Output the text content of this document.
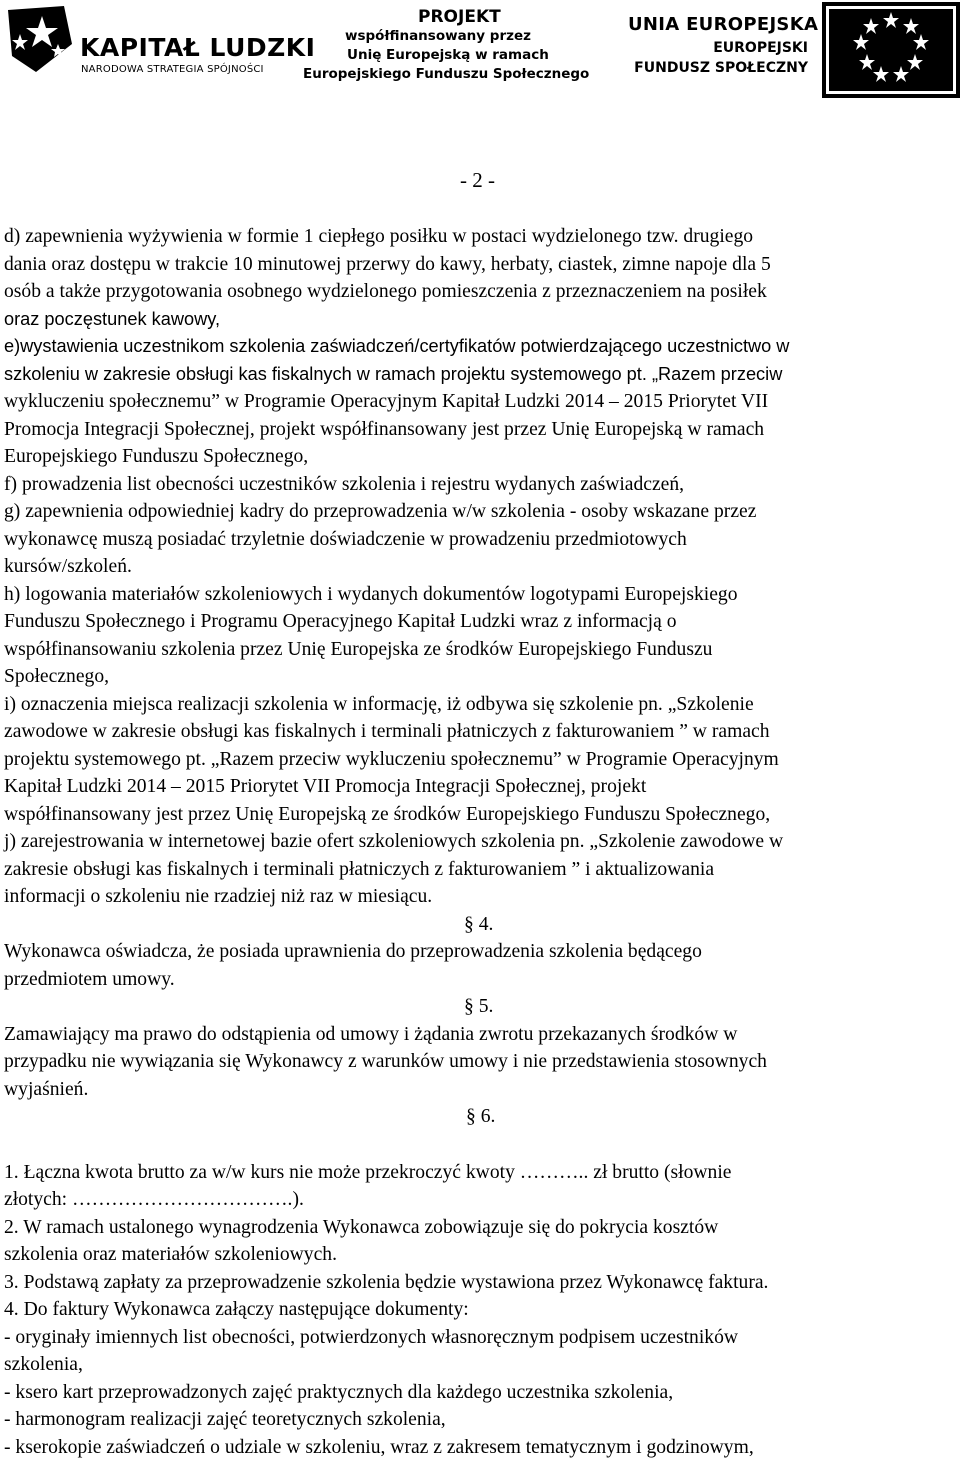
KAPITAŁ LUDZKI
NARODOWA STRATEGIA SPÓJNOŚCI
PROJEKT
współfinansowany przez
Unię Europejską w ramach
Europejskiego Funduszu Społecznego
UNIA EUROPEJSKA
EUROPEJSKI
FUNDUSZ SPOŁECZNY
- 2 -
d) zapewnienia wyżywienia w formie 1 ciepłego posiłku w postaci wydzielonego tzw. drugiego
dania oraz dostępu w trakcie 10 minutowej przerwy do kawy, herbaty, ciastek, zimne napoje dla 5
osób a także przygotowania osobnego wydzielonego pomieszczenia z przeznaczeniem na posiłek
oraz poczęstunek kawowy,
e)wystawienia uczestnikom szkolenia zaświadczeń/certyfikatów potwierdzającego uczestnictwo w
szkoleniu w zakresie obsługi kas fiskalnych w ramach projektu systemowego pt. „Razem przeciw
wykluczeniu społecznemu” w Programie Operacyjnym Kapitał Ludzki 2014 – 2015 Priorytet VII
Promocja Integracji Społecznej, projekt współfinansowany jest przez Unię Europejską w ramach
Europejskiego Funduszu Społecznego,
f) prowadzenia list obecności uczestników szkolenia i rejestru wydanych zaświadczeń,
g) zapewnienia odpowiedniej kadry do przeprowadzenia w/w szkolenia - osoby wskazane przez
wykonawcę muszą posiadać trzyletnie doświadczenie w prowadzeniu przedmiotowych
kursów/szkoleń.
h) logowania materiałów szkoleniowych i wydanych dokumentów logotypami Europejskiego
Funduszu Społecznego i Programu Operacyjnego Kapitał Ludzki wraz z informacją o
współfinansowaniu szkolenia przez Unię Europejska ze środków Europejskiego Funduszu
Społecznego,
i) oznaczenia miejsca realizacji szkolenia w informację, iż odbywa się szkolenie pn. „Szkolenie
zawodowe w zakresie obsługi kas fiskalnych i terminali płatniczych z fakturowaniem ” w ramach
projektu systemowego pt. „Razem przeciw wykluczeniu społecznemu” w Programie Operacyjnym
Kapitał Ludzki 2014 – 2015 Priorytet VII Promocja Integracji Społecznej, projekt
współfinansowany jest przez Unię Europejską ze środków Europejskiego Funduszu Społecznego,
j) zarejestrowania w internetowej bazie ofert szkoleniowych szkolenia pn. „Szkolenie zawodowe w
zakresie obsługi kas fiskalnych i terminali płatniczych z fakturowaniem ” i aktualizowania
informacji o szkoleniu nie rzadziej niż raz w miesiącu.
§ 4.
Wykonawca oświadcza, że posiada uprawnienia do przeprowadzenia szkolenia będącego
przedmiotem umowy.
§ 5.
Zamawiający ma prawo do odstąpienia od umowy i żądania zwrotu przekazanych środków w
przypadku nie wywiązania się Wykonawcy z warunków umowy i nie przedstawienia stosownych
wyjaśnień.
§ 6.
1. Łączna kwota brutto za w/w kurs nie może przekroczyć kwoty ……….. zł brutto (słownie
złotych: …………………………….).
2. W ramach ustalonego wynagrodzenia Wykonawca zobowiązuje się do pokrycia kosztów
szkolenia oraz materiałów szkoleniowych.
3. Podstawą zapłaty za przeprowadzenie szkolenia będzie wystawiona przez Wykonawcę faktura.
4. Do faktury Wykonawca załączy następujące dokumenty:
- oryginały imiennych list obecności, potwierdzonych własnoręcznym podpisem uczestników
szkolenia,
- ksero kart przeprowadzonych zajęć praktycznych dla każdego uczestnika szkolenia,
- harmonogram realizacji zajęć teoretycznych szkolenia,
- kserokopie zaświadczeń o udziale w szkoleniu, wraz z zakresem tematycznym i godzinowym,
